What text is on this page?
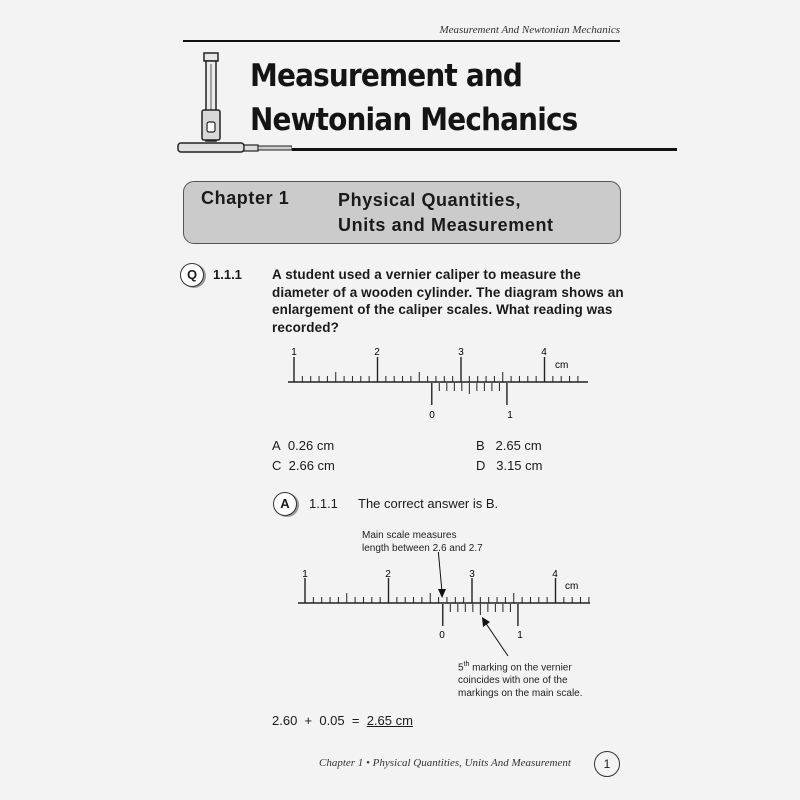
Measurement And Newtonian Mechanics
Measurement and
Newtonian Mechanics
Chapter 1	Physical Quantities,
Units and Measurement
Q	1.1.1 A student used a vernier caliper to measure the diameter of a wooden cylinder. The diagram shows an enlargement of the caliper scales. What reading was recorded?
1	2	3	4
cm
0	1
A 0.26 cm	B 2.65 cm
C 2.66 cm	D 3.15 cm
A	1.1.1 The correct answer is B.
Main scale measures
length between 2.6 and 2.7
1	2	3	4
cm
0	1
5th marking on the vernier
coincides with one of the
markings on the main scale.
2.60  +  0.05  =  2.65 cm
Chapter 1 • Physical Quantities, Units And Measurement	1
